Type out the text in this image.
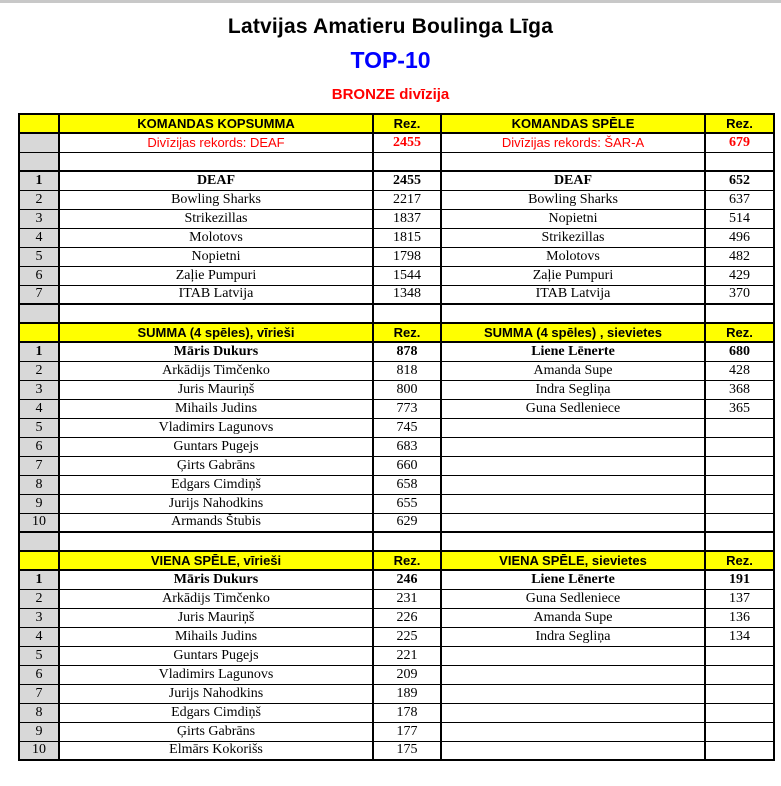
Latvijas Amatieru Boulinga Līga
TOP-10
BRONZE divīzija
	KOMANDAS KOPSUMMA	Rez.	KOMANDAS SPĒLE	Rez.
	Divīzijas rekords: DEAF	2455	Divīzijas rekords: ŠAR-A	679

1	DEAF	2455	DEAF	652
2	Bowling Sharks	2217	Bowling Sharks	637
3	Strikezillas	1837	Nopietni	514
4	Molotovs	1815	Strikezillas	496
5	Nopietni	1798	Molotovs	482
6	Zaļie Pumpuri	1544	Zaļie Pumpuri	429
7	ITAB Latvija	1348	ITAB Latvija	370

	SUMMA (4 spēles), vīrieši	Rez.	SUMMA (4 spēles) , sievietes	Rez.
1	Māris Dukurs	878	Liene Lēnerte	680
2	Arkādijs Timčenko	818	Amanda Supe	428
3	Juris Mauriņš	800	Indra Segliņa	368
4	Mihails Judins	773	Guna Sedleniece	365
5	Vladimirs Lagunovs	745		
6	Guntars Pugejs	683		
7	Ģirts Gabrāns	660		
8	Edgars Cimdiņš	658		
9	Jurijs Nahodkins	655		
10	Armands Štubis	629		

	VIENA SPĒLE, vīrieši	Rez.	VIENA SPĒLE, sievietes	Rez.
1	Māris Dukurs	246	Liene Lēnerte	191
2	Arkādijs Timčenko	231	Guna Sedleniece	137
3	Juris Mauriņš	226	Amanda Supe	136
4	Mihails Judins	225	Indra Segliņa	134
5	Guntars Pugejs	221		
6	Vladimirs Lagunovs	209		
7	Jurijs Nahodkins	189		
8	Edgars Cimdiņš	178		
9	Ģirts Gabrāns	177		
10	Elmārs Kokorišs	175		
